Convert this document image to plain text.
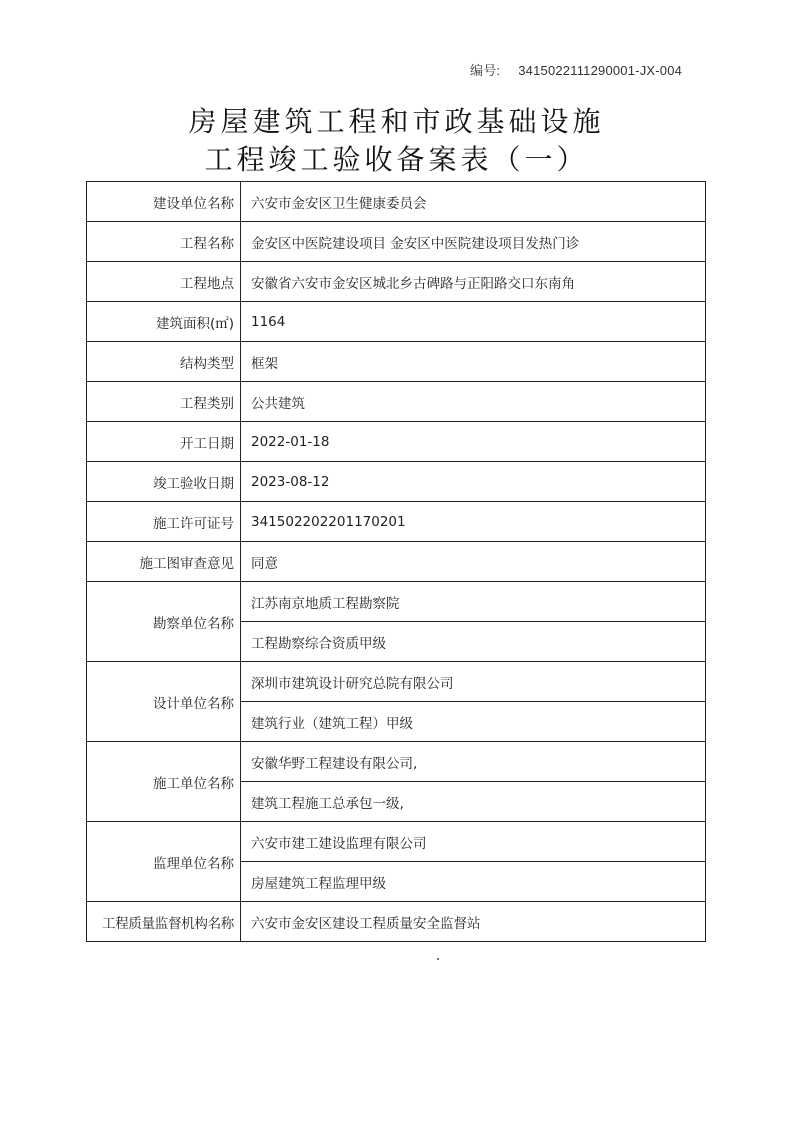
编号: 3415022111290001-JX-004
房屋建筑工程和市政基础设施
工程竣工验收备案表（一）
建设单位名称	六安市金安区卫生健康委员会
工程名称	金安区中医院建设项目 金安区中医院建设项目发热门诊
工程地点	安徽省六安市金安区城北乡古碑路与正阳路交口东南角
建筑面积(㎡)	1164
结构类型	框架
工程类别	公共建筑
开工日期	2022-01-18
竣工验收日期	2023-08-12
施工许可证号	341502202201170201
施工图审查意见	同意
勘察单位名称	江苏南京地质工程勘察院
	工程勘察综合资质甲级
设计单位名称	深圳市建筑设计研究总院有限公司
	建筑行业（建筑工程）甲级
施工单位名称	安徽华野工程建设有限公司,
	建筑工程施工总承包一级,
监理单位名称	六安市建工建设监理有限公司
	房屋建筑工程监理甲级
工程质量监督机构名称	六安市金安区建设工程质量安全监督站
